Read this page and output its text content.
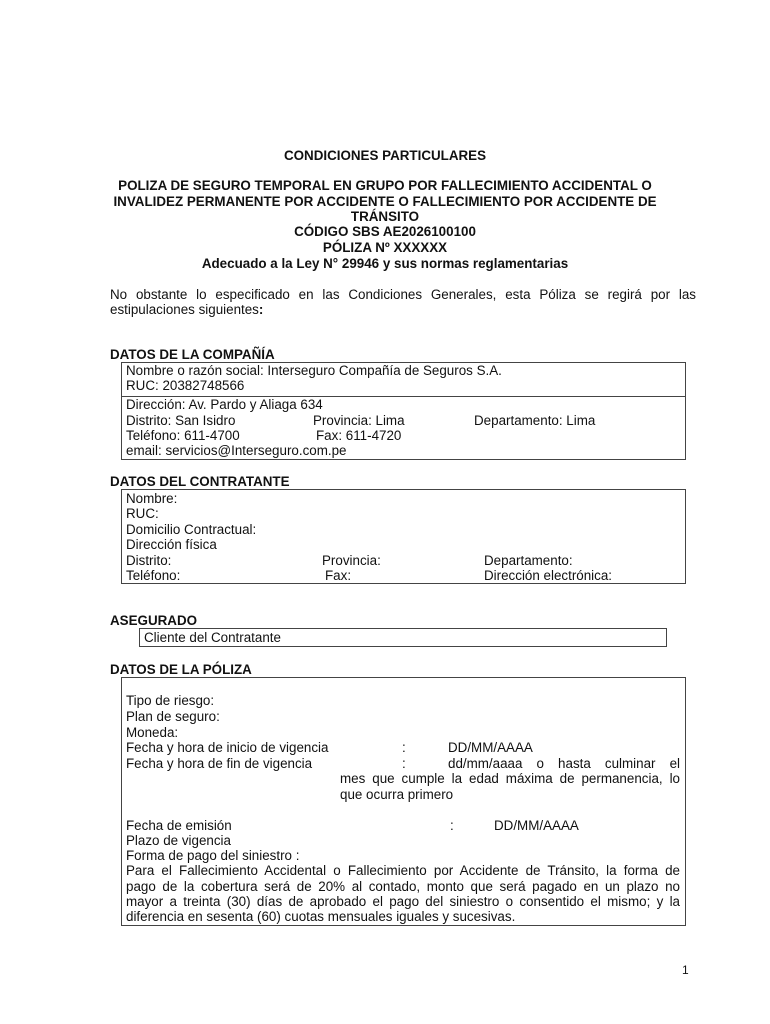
CONDICIONES PARTICULARES
POLIZA DE SEGURO TEMPORAL EN GRUPO POR FALLECIMIENTO ACCIDENTAL O
INVALIDEZ PERMANENTE POR ACCIDENTE O FALLECIMIENTO POR ACCIDENTE DE
TRÁNSITO
CÓDIGO SBS AE2026100100
PÓLIZA Nº XXXXXX
Adecuado a la Ley N° 29946 y sus normas reglamentarias
No obstante lo especificado en las Condiciones Generales, esta Póliza se regirá por las
estipulaciones siguientes:
DATOS DE LA COMPAÑÍA
Nombre o razón social: Interseguro Compañía de Seguros S.A.
RUC: 20382748566
Dirección: Av. Pardo y Aliaga 634
Distrito: San Isidro	Provincia: Lima	Departamento: Lima
Teléfono: 611-4700	Fax: 611-4720
email: servicios@Interseguro.com.pe
DATOS DEL CONTRATANTE
Nombre:
RUC:
Domicilio Contractual:
Dirección física
Distrito:	Provincia:	Departamento:
Teléfono:	Fax:	Dirección electrónica:
ASEGURADO
Cliente del Contratante
DATOS DE LA PÓLIZA
Tipo de riesgo:
Plan de seguro:
Moneda:
Fecha y hora de inicio de vigencia	:	DD/MM/AAAA
Fecha y hora de fin de vigencia	:	dd/mm/aaaa o hasta culminar el
mes que cumple la edad máxima de permanencia, lo
que ocurra primero
Fecha de emisión	:	DD/MM/AAAA
Plazo de vigencia
Forma de pago del siniestro :
Para el Fallecimiento Accidental o Fallecimiento por Accidente de Tránsito, la forma de
pago de la cobertura será de 20% al contado, monto que será pagado en un plazo no
mayor a treinta (30) días de aprobado el pago del siniestro o consentido el mismo; y la
diferencia en sesenta (60) cuotas mensuales iguales y sucesivas.
1
